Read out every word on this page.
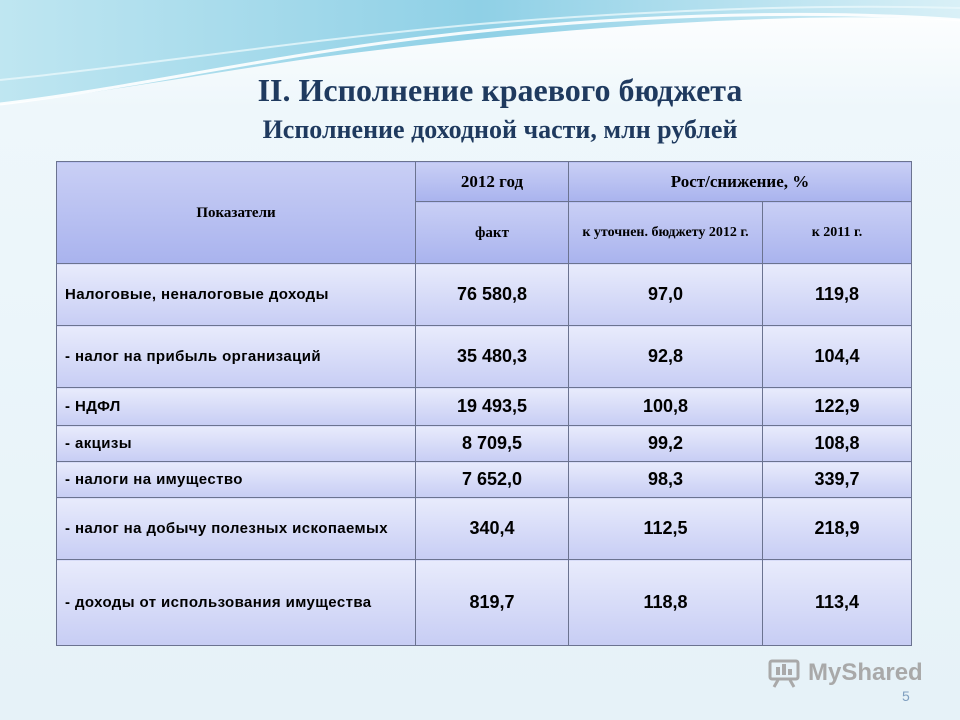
II. Исполнение краевого бюджета
Исполнение доходной части, млн рублей
Показатели	2012 год	Рост/снижение, %	
	факт	к уточнен. бюджету 2012 г.	к 2011 г.
Налоговые, неналоговые доходы	76 580,8	97,0	119,8
- налог на прибыль организаций	35 480,3	92,8	104,4
- НДФЛ	19 493,5	100,8	122,9
- акцизы	8 709,5	99,2	108,8
- налоги на имущество	7 652,0	98,3	339,7
- налог на добычу полезных ископаемых	340,4	112,5	218,9
- доходы от использования имущества	819,7	118,8	113,4
MyShared
5
